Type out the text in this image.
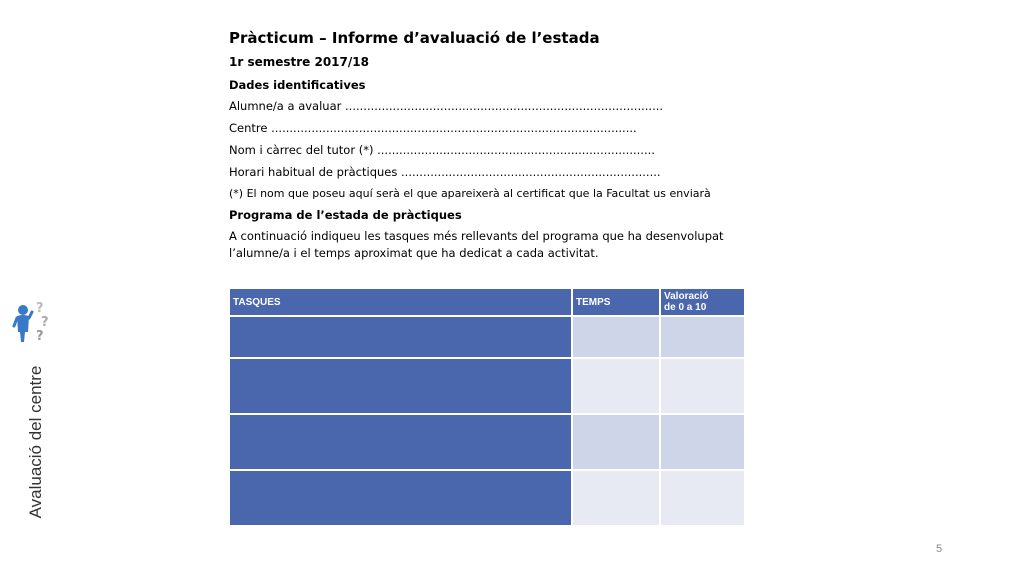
Pràcticum – Informe d’avaluació de l’estada
1r semestre 2017/18
Dades identificatives
Alumne/a a avaluar .......................................................................................
Centre ....................................................................................................
Nom i càrrec del tutor (*) ............................................................................
Horari habitual de pràctiques .......................................................................
(*) El nom que poseu aquí serà el que apareixerà al certificat que la Facultat us enviarà
Programa de l’estada de pràctiques
A continuació indiqueu les tasques més rellevants del programa que ha desenvolupat l’alumne/a i el temps aproximat que ha dedicat a cada activitat.
TASQUES	TEMPS	Valoració
de 0 a 10

?
?
?
Avaluació del centre
5
